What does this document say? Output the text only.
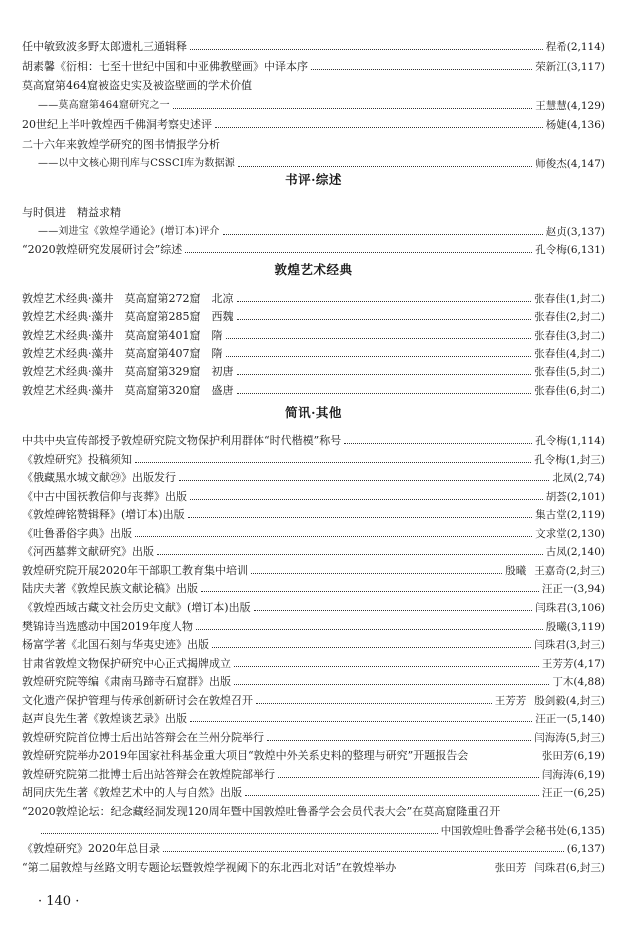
任中敏致波多野太郎遗札三通辑释	程希 (2,114)
胡素馨《衍相：七至十世纪中国和中亚佛教壁画》中译本序	荣新江 (3,117)
莫高窟第464窟被盗史实及被盗壁画的学术价值
——莫高窟第464窟研究之一	王慧慧 (4,129)
20世纪上半叶敦煌西千佛洞考察史述评	杨婕 (4,136)
二十六年来敦煌学研究的图书情报学分析
——以中文核心期刊库与CSSCI库为数据源	师俊杰 (4,147)
书评·综述
与时俱进　精益求精
——刘进宝《敦煌学通论》(增订本)评介	赵贞 (3,137)
“2020敦煌研究发展研讨会”综述	孔令梅 (6,131)
敦煌艺术经典
敦煌艺术经典·藻井　莫高窟第272窟　北凉	张春佳 (1,封二)
敦煌艺术经典·藻井　莫高窟第285窟　西魏	张春佳 (2,封二)
敦煌艺术经典·藻井　莫高窟第401窟　隋	张春佳 (3,封二)
敦煌艺术经典·藻井　莫高窟第407窟　隋	张春佳 (4,封二)
敦煌艺术经典·藻井　莫高窟第329窟　初唐	张春佳 (5,封二)
敦煌艺术经典·藻井　莫高窟第320窟　盛唐	张春佳 (6,封二)
简讯·其他
中共中央宣传部授予敦煌研究院文物保护利用群体“时代楷模”称号	孔令梅 (1,114)
《敦煌研究》投稿须知	孔令梅 (1,封三)
《俄藏黑水城文献㉙》出版发行	北凤 (2,74)
《中古中国祆教信仰与丧葬》出版	胡荟 (2,101)
《敦煌碑铭赞辑释》(增订本)出版	集古堂 (2,119)
《吐鲁番俗字典》出版	文求堂 (2,130)
《河西墓葬文献研究》出版	古凤 (2,140)
敦煌研究院开展2020年干部职工教育集中培训	殷曦 王嘉奇 (2,封三)
陆庆夫著《敦煌民族文献论稿》出版	汪正一 (3,94)
《敦煌西域古藏文社会历史文献》(增订本)出版	闫珠君 (3,106)
樊锦诗当选感动中国2019年度人物	殷曦 (3,119)
杨富学著《北国石刻与华夷史迹》出版	闫珠君 (3,封三)
甘肃省敦煌文物保护研究中心正式揭牌成立	王芳芳 (4,17)
敦煌研究院等编《肃南马蹄寺石窟群》出版	丁木 (4,88)
文化遗产保护管理与传承创新研讨会在敦煌召开	王芳芳 殷剑毅 (4,封三)
赵声良先生著《敦煌谈艺录》出版	汪正一 (5,140)
敦煌研究院首位博士后出站答辩会在兰州分院举行	闫海涛 (5,封三)
敦煌研究院举办2019年国家社科基金重大项目“敦煌中外关系史料的整理与研究”开题报告会	张田芳 (6,19)
敦煌研究院第二批博士后出站答辩会在敦煌院部举行	闫海涛 (6,19)
胡同庆先生著《敦煌艺术中的人与自然》出版	汪正一 (6,25)
“2020敦煌论坛：纪念藏经洞发现120周年暨中国敦煌吐鲁番学会会员代表大会”在莫高窟隆重召开
中国敦煌吐鲁番学会秘书处 (6,135)
《敦煌研究》2020年总目录	(6,137)
“第二届敦煌与丝路文明专题论坛暨敦煌学视阈下的东北西北对话”在敦煌举办	张田芳 闫珠君 (6,封三)
· 140 ·
